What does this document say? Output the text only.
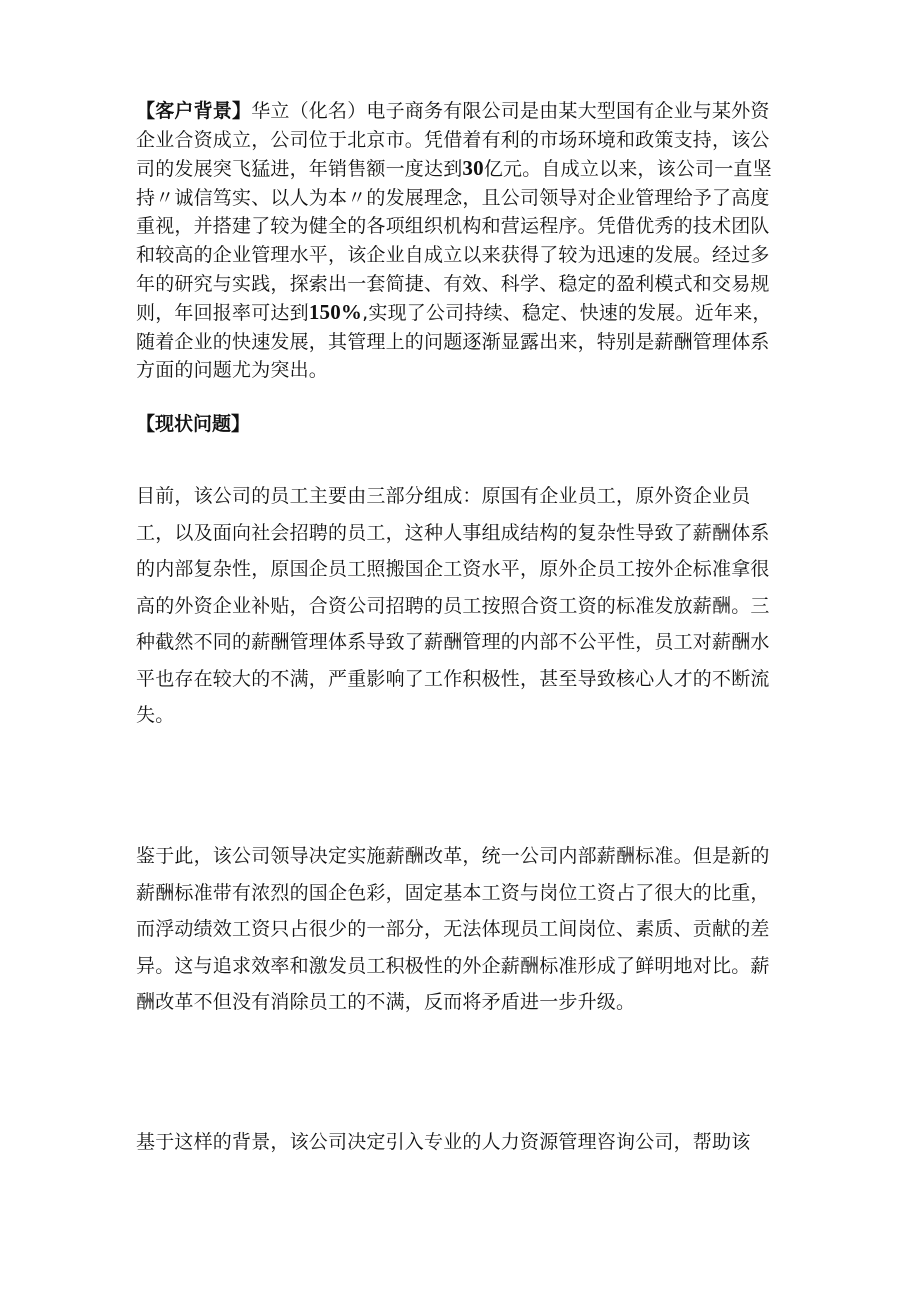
【客户背景】华立（化名）电子商务有限公司是由某大型国有企业与某外资企业合资成立，公司位于北京市。凭借着有利的市场环境和政策支持，该公司的发展突飞猛进，年销售额一度达到30亿元。自成立以来，该公司一直坚持〃诚信笃实、以人为本〃的发展理念，且公司领导对企业管理给予了高度重视，并搭建了较为健全的各项组织机构和营运程序。凭借优秀的技术团队和较高的企业管理水平，该企业自成立以来获得了较为迅速的发展。经过多年的研究与实践，探索出一套简捷、有效、科学、稳定的盈利模式和交易规则，年回报率可达到150%,实现了公司持续、稳定、快速的发展。近年来，随着企业的快速发展，其管理上的问题逐渐显露出来，特别是薪酬管理体系方面的问题尤为突出。
【现状问题】

目前，该公司的员工主要由三部分组成：原国有企业员工，原外资企业员工，以及面向社会招聘的员工，这种人事组成结构的复杂性导致了薪酬体系的内部复杂性，原国企员工照搬国企工资水平，原外企员工按外企标准拿很高的外资企业补贴，合资公司招聘的员工按照合资工资的标准发放薪酬。三种截然不同的薪酬管理体系导致了薪酬管理的内部不公平性，员工对薪酬水平也存在较大的不满，严重影响了工作积极性，甚至导致核心人才的不断流失。

鉴于此，该公司领导决定实施薪酬改革，统一公司内部薪酬标准。但是新的薪酬标准带有浓烈的国企色彩，固定基本工资与岗位工资占了很大的比重，而浮动绩效工资只占很少的一部分，无法体现员工间岗位、素质、贡献的差异。这与追求效率和激发员工积极性的外企薪酬标准形成了鲜明地对比。薪酬改革不但没有消除员工的不满，反而将矛盾进一步升级。

基于这样的背景，该公司决定引入专业的人力资源管理咨询公司，帮助该
